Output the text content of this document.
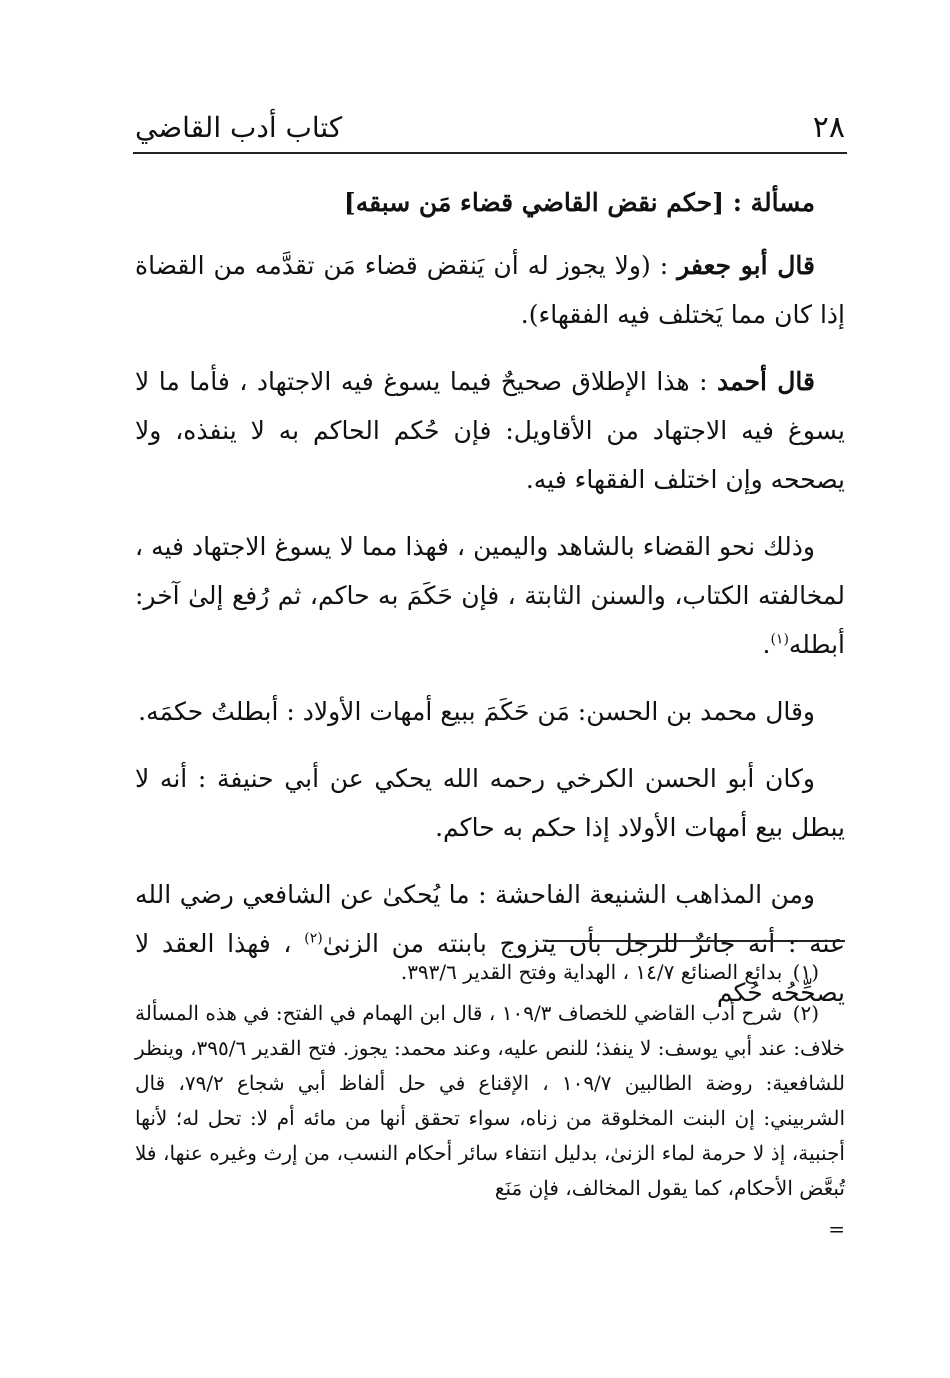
٢٨
كتاب أدب القاضي

مسألة : [حكم نقض القاضي قضاء مَن سبقه]

قال أبو جعفر : (ولا يجوز له أن يَنقض قضاء مَن تقدَّمه من القضاة إذا كان مما يَختلف فيه الفقهاء).

قال أحمد : هذا الإطلاق صحيحٌ فيما يسوغ فيه الاجتهاد ، فأما ما لا يسوغ فيه الاجتهاد من الأقاويل: فإن حُكم الحاكم به لا ينفذه، ولا يصححه وإن اختلف الفقهاء فيه.

وذلك نحو القضاء بالشاهد واليمين ، فهذا مما لا يسوغ الاجتهاد فيه ، لمخالفته الكتاب، والسنن الثابتة ، فإن حَكَمَ به حاكم، ثم رُفع إلىٰ آخر: أبطله$^{(١)}$.

وقال محمد بن الحسن: مَن حَكَمَ ببيع أمهات الأولاد : أبطلتُ حكمَه.

وكان أبو الحسن الكرخي رحمه الله يحكي عن أبي حنيفة : أنه لا يبطل بيع أمهات الأولاد إذا حكم به حاكم.

ومن المذاهب الشنيعة الفاحشة : ما يُحكىٰ عن الشافعي رضي الله عنه : أنه جائزٌ للرجل بأن يتزوج بابنته من الزنىٰ$^{(٢)}$ ، فهذا العقد لا يصحِّحُه حُكم

(١) بدائع الصنائع ١٤/٧ ، الهداية وفتح القدير ٣٩٣/٦.

(٢) شرح أدب القاضي للخصاف ١٠٩/٣ ، قال ابن الهمام في الفتح: في هذه المسألة خلاف: عند أبي يوسف: لا ينفذ؛ للنص عليه، وعند محمد: يجوز. فتح القدير ٣٩٥/٦، وينظر للشافعية: روضة الطالبين ١٠٩/٧ ، الإقناع في حل ألفاظ أبي شجاع ٧٩/٢، قال الشربيني: إن البنت المخلوقة من زناه، سواء تحقق أنها من مائه أم لا: تحل له؛ لأنها أجنبية، إذ لا حرمة لماء الزنىٰ، بدليل انتفاء سائر أحكام النسب، من إرث وغيره عنها، فلا تُبعَّض الأحكام، كما يقول المخالف، فإن مَنَع

=
